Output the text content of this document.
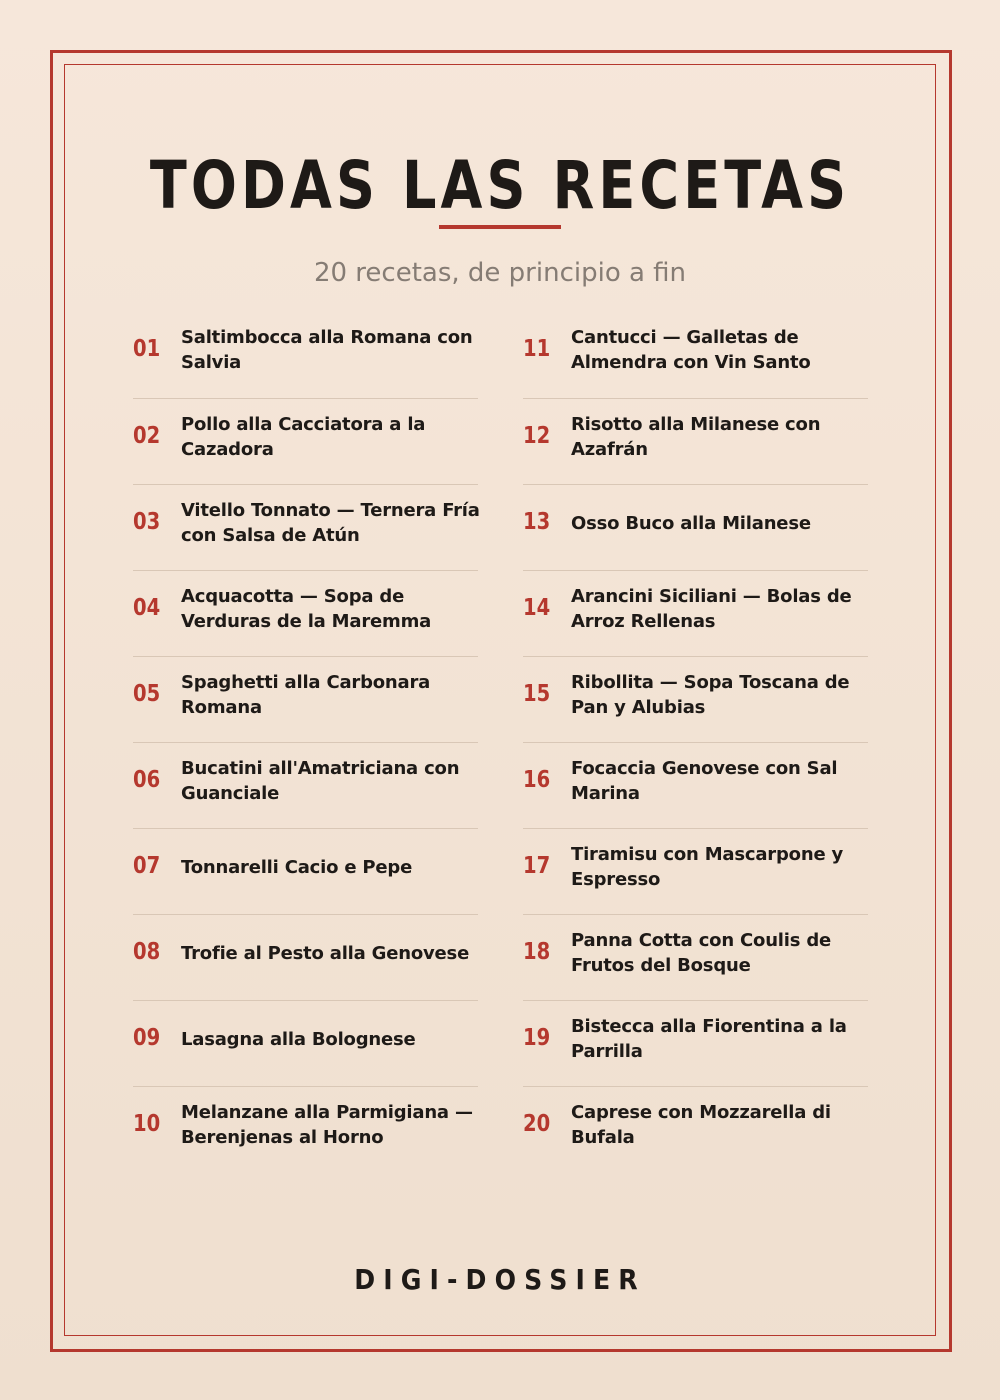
TODAS LAS RECETAS
20 recetas, de principio a fin
01 Saltimbocca alla Romana con Salvia
02 Pollo alla Cacciatora a la Cazadora
03 Vitello Tonnato — Ternera Fría con Salsa de Atún
04 Acquacotta — Sopa de Verduras de la Maremma
05 Spaghetti alla Carbonara Romana
06 Bucatini all'Amatriciana con Guanciale
07 Tonnarelli Cacio e Pepe
08 Trofie al Pesto alla Genovese
09 Lasagna alla Bolognese
10 Melanzane alla Parmigiana — Berenjenas al Horno
11 Cantucci — Galletas de Almendra con Vin Santo
12 Risotto alla Milanese con Azafrán
13 Osso Buco alla Milanese
14 Arancini Siciliani — Bolas de Arroz Rellenas
15 Ribollita — Sopa Toscana de Pan y Alubias
16 Focaccia Genovese con Sal Marina
17 Tiramisu con Mascarpone y Espresso
18 Panna Cotta con Coulis de Frutos del Bosque
19 Bistecca alla Fiorentina a la Parrilla
20 Caprese con Mozzarella di Bufala
DIGI-DOSSIER
